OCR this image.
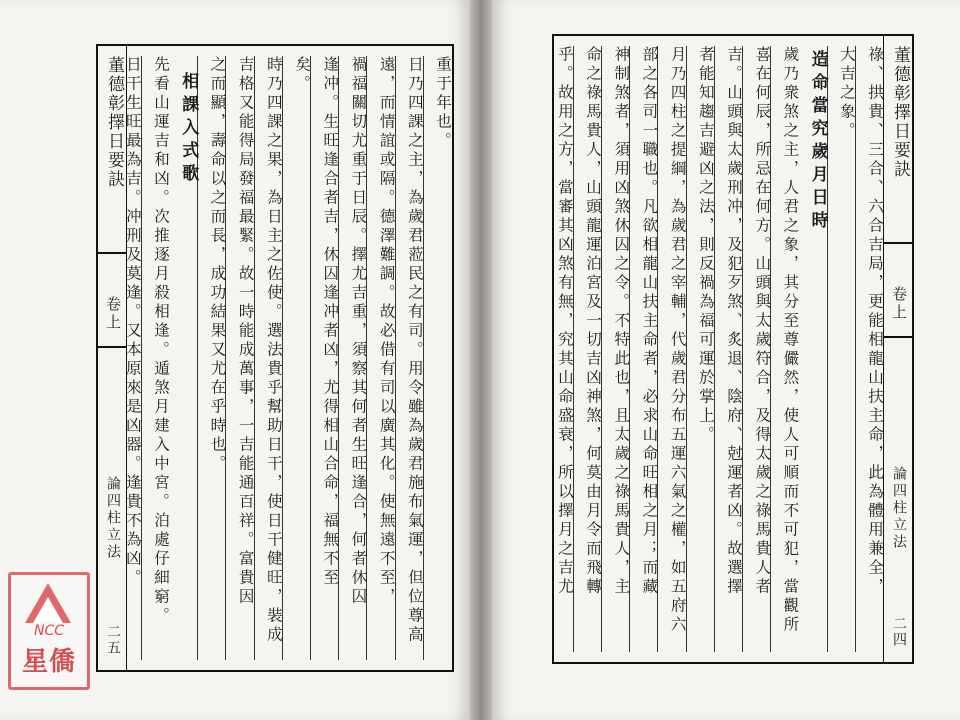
董德彰擇日要訣
卷上
論四柱立法
二五
重于年也。
日乃四課之主，為歲君蒞民之有司。用令雖為歲君施布氣運，但位尊高
遠，而情誼或隔。德澤難調。故必借有司以廣其化。使無遠不至，
禍福關切尤重于日辰。擇尤吉重，須察其何者生旺逢合，何者休囚
逢冲。生旺逢合者吉，休囚逢冲者凶，尤得相山合命，福無不至
矣。
時乃四課之果，為日主之佐使。選法貴乎幫助日干，使日干健旺，裝成
吉格又能得局發福最緊。故一時能成萬事，一吉能通百祥。富貴因
之而顯，壽命以之而長，成功結果又尤在乎時也。
相課入式歌
先看山運吉和凶。次推逐月殺相逢。遁煞月建入中宮。泊處仔細窮。
日干生旺最為吉。冲刑及莫逢。又本原來是凶器。逢貴不為凶。	董德彰擇日要訣
卷上
論四柱立法
二四
祿、拱貴、三合、六合吉局，更能相龍山扶主命，此為體用兼全，
大吉之象。
造命當究歲月日時
歲乃衆煞之主，人君之象，其分至尊儼然，使人可順而不可犯，當觀所
喜在何辰，所忌在何方。山頭與太歲符合，及得太歲之祿馬貴人者
吉。山頭與太歲刑冲，及犯歹煞、炙退、陰府、尅運者凶。故選擇
者能知趨吉避凶之法，則反禍為福可運於掌上。
月乃四柱之提綱，為歲君之宰輔，代歲君分布五運六氣之權，如五府六
部之各司一職也。凡欲相龍山扶主命者，必求山命旺相之月；而藏
神制煞者，須用凶煞休囚之令。不特此也，且太歲之祿馬貴人，主
命之祿馬貴人，山頭龍運泊宮及一切吉凶神煞，何莫由月令而飛轉
乎。故用之方，當審其凶煞有無，究其山命盛衰，所以擇月之吉尤
NCC
星僑
